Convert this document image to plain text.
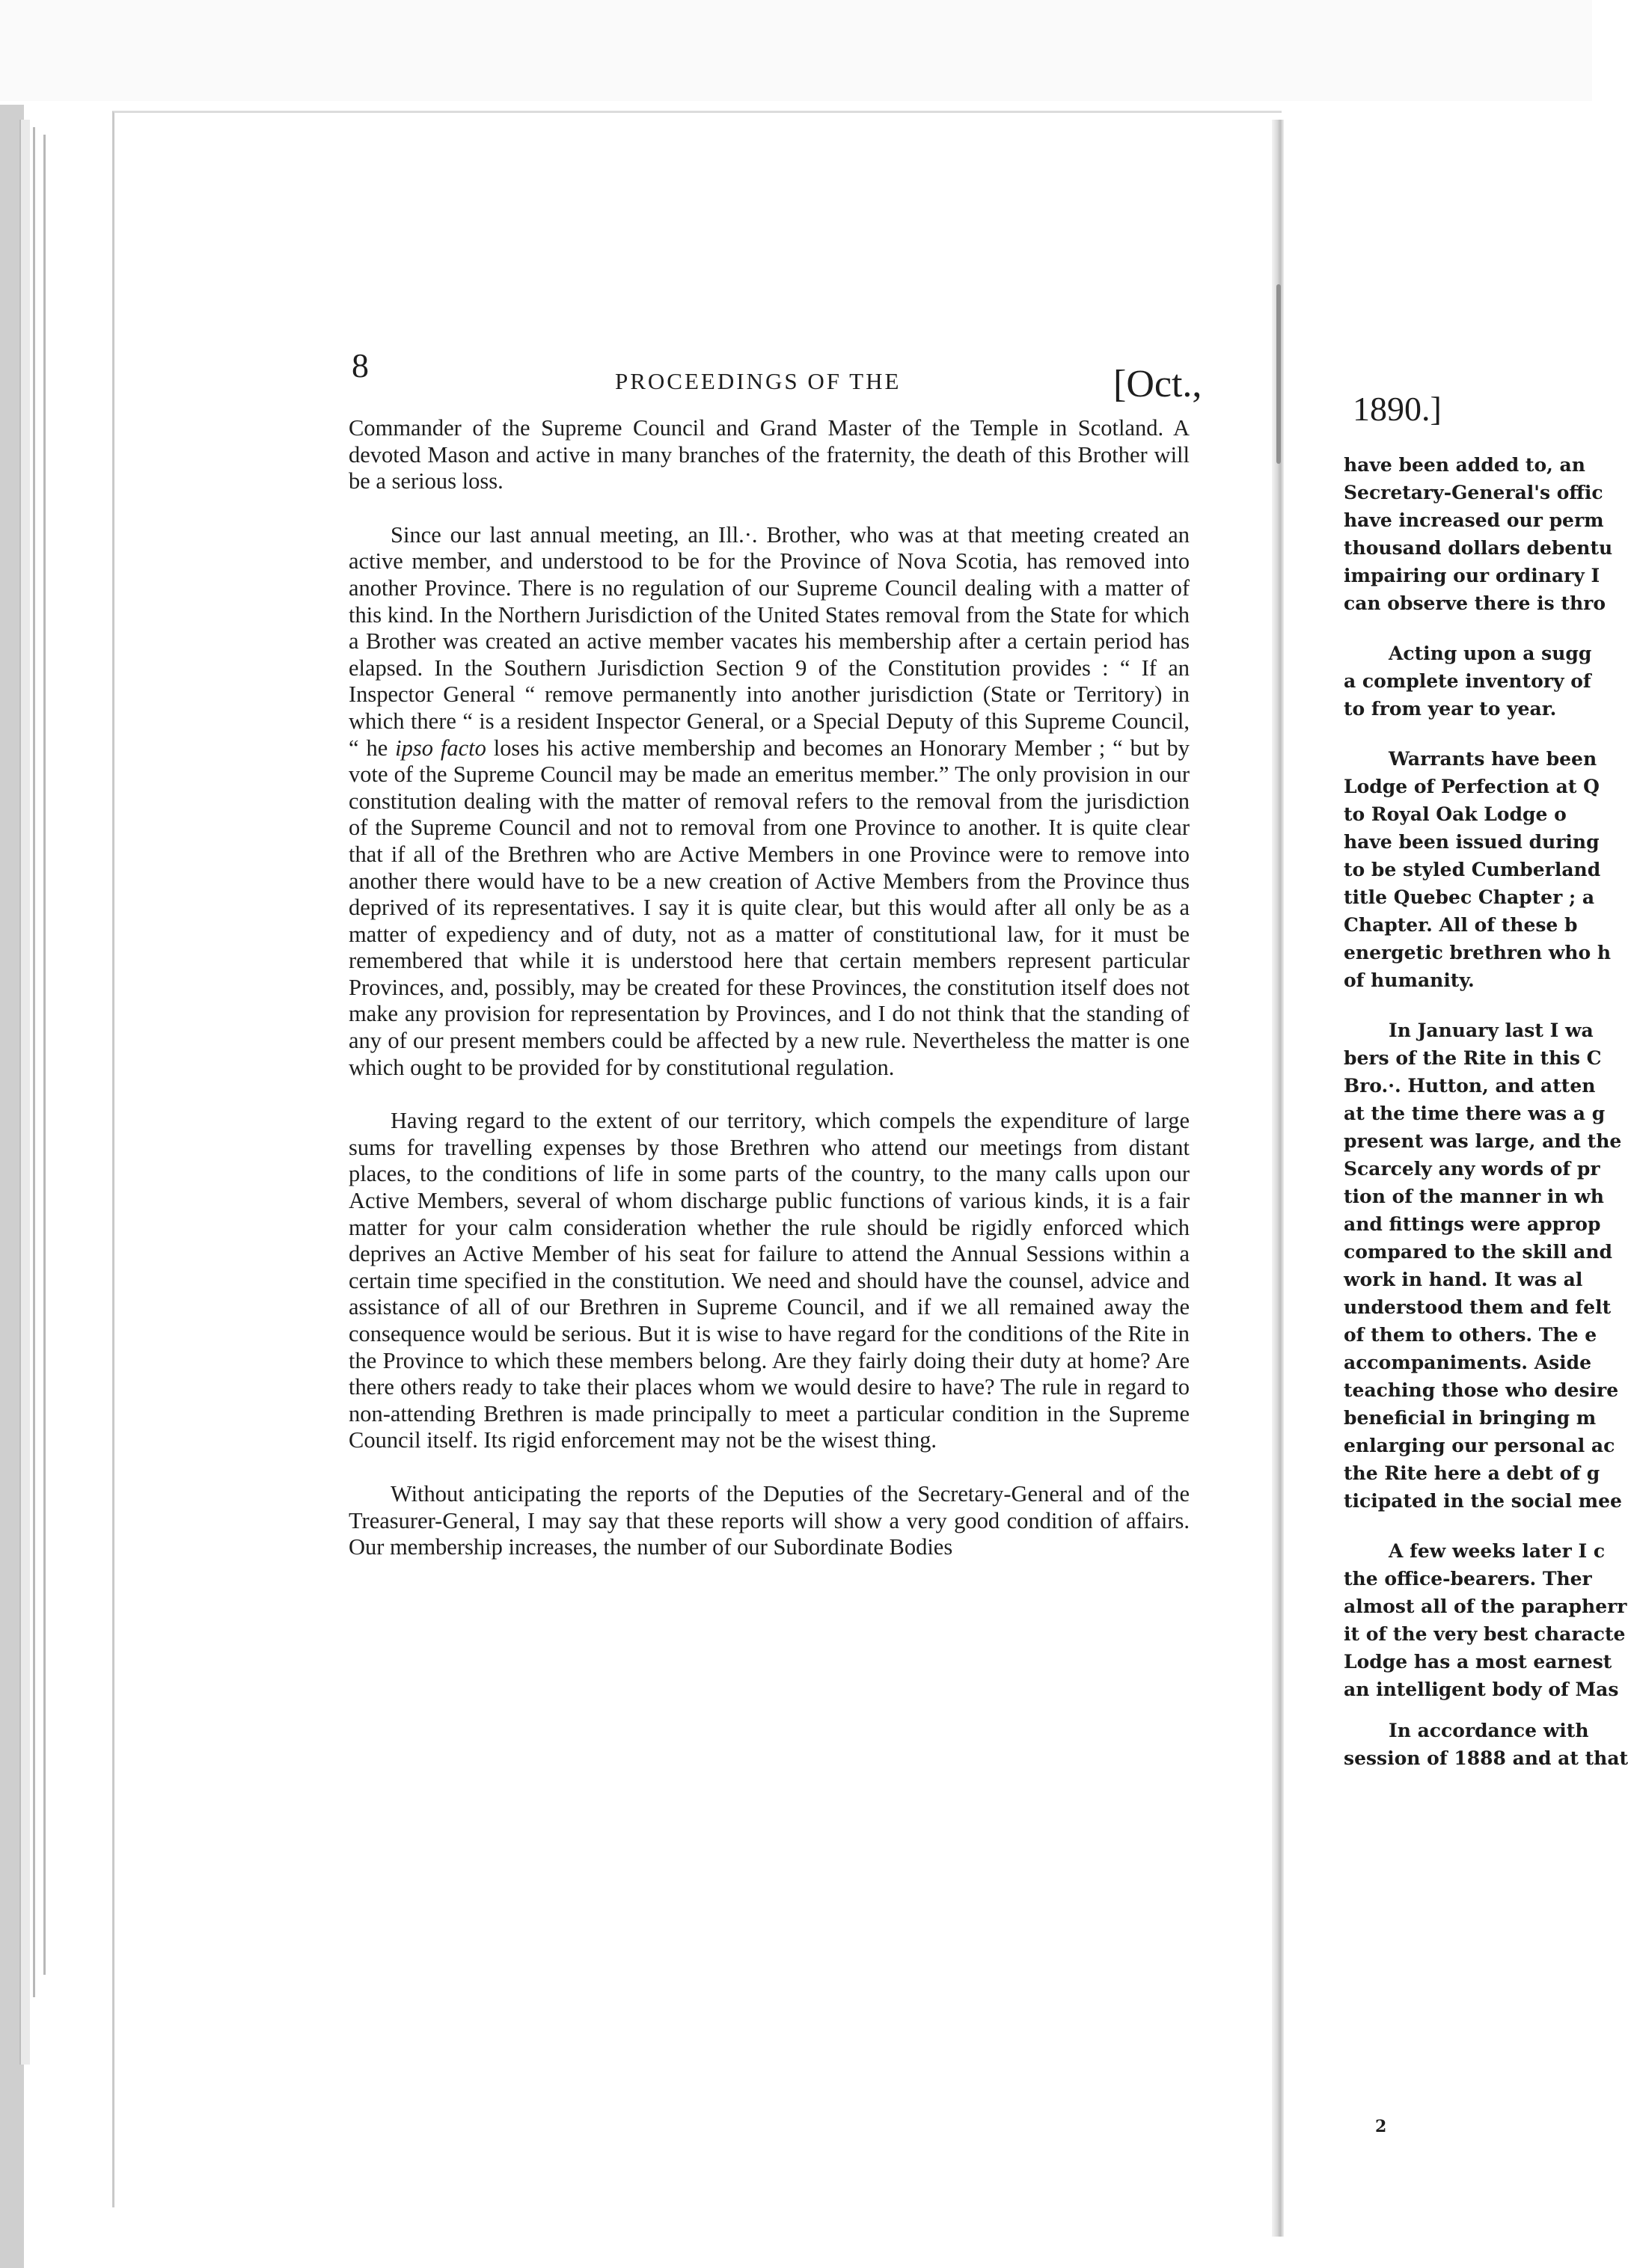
8	PROCEEDINGS OF THE	[Oct.,

Commander of the Supreme Council and Grand Master of the Temple in Scotland. A devoted Mason and active in many branches of the fraternity, the death of this Brother will be a serious loss.

Since our last annual meeting, an Ill.·. Brother, who was at that meeting created an active member, and understood to be for the Province of Nova Scotia, has removed into another Province. There is no regulation of our Supreme Council dealing with a matter of this kind. In the Northern Jurisdiction of the United States removal from the State for which a Brother was created an active member vacates his membership after a certain period has elapsed. In the Southern Jurisdiction Section 9 of the Constitution provides : “ If an Inspector General “ remove permanently into another jurisdiction (State or Territory) in which there “ is a resident Inspector General, or a Special Deputy of this Supreme Council, “ he ipso facto loses his active membership and becomes an Honorary Member ; “ but by vote of the Supreme Council may be made an emeritus member.” The only provision in our constitution dealing with the matter of removal refers to the removal from the jurisdiction of the Supreme Council and not to removal from one Province to another. It is quite clear that if all of the Brethren who are Active Members in one Province were to remove into another there would have to be a new creation of Active Members from the Province thus deprived of its representatives. I say it is quite clear, but this would after all only be as a matter of expediency and of duty, not as a matter of constitutional law, for it must be remembered that while it is understood here that certain members represent particular Provinces, and, possibly, may be created for these Provinces, the constitution itself does not make any provision for representation by Provinces, and I do not think that the standing of any of our present members could be affected by a new rule. Nevertheless the matter is one which ought to be provided for by constitutional regulation.

Having regard to the extent of our territory, which compels the expenditure of large sums for travelling expenses by those Brethren who attend our meetings from distant places, to the conditions of life in some parts of the country, to the many calls upon our Active Members, several of whom discharge public functions of various kinds, it is a fair matter for your calm consideration whether the rule should be rigidly enforced which deprives an Active Member of his seat for failure to attend the Annual Sessions within a certain time specified in the constitution. We need and should have the counsel, advice and assistance of all of our Brethren in Supreme Council, and if we all remained away the consequence would be serious. But it is wise to have regard for the conditions of the Rite in the Province to which these members belong. Are they fairly doing their duty at home? Are there others ready to take their places whom we would desire to have? The rule in regard to non-attending Brethren is made principally to meet a particular condition in the Supreme Council itself. Its rigid enforcement may not be the wisest thing.

Without anticipating the reports of the Deputies of the Secretary-General and of the Treasurer-General, I may say that these reports will show a very good condition of affairs. Our membership increases, the number of our Subordinate Bodies

1890.]
have been added to, an
Secretary-General's offic
have increased our perm
thousand dollars debentu
impairing our ordinary I
can observe there is thro
Acting upon a sugg
a complete inventory of
to from year to year.
Warrants have been
Lodge of Perfection at Q
to Royal Oak Lodge o
have been issued during
to be styled Cumberland
title Quebec Chapter ; a
Chapter. All of these b
energetic brethren who h
of humanity.
In January last I wa
bers of the Rite in this C
Bro.·. Hutton, and atten
at the time there was a g
present was large, and the
Scarcely any words of pr
tion of the manner in wh
and fittings were approp
compared to the skill and
work in hand. It was al
understood them and felt
of them to others. The e
accompaniments. Aside
teaching those who desire
beneficial in bringing m
enlarging our personal ac
the Rite here a debt of g
ticipated in the social mee
A few weeks later I c
the office-bearers. Ther
almost all of the parapherr
it of the very best characte
Lodge has a most earnest
an intelligent body of Mas
In accordance with
session of 1888 and at that
2
